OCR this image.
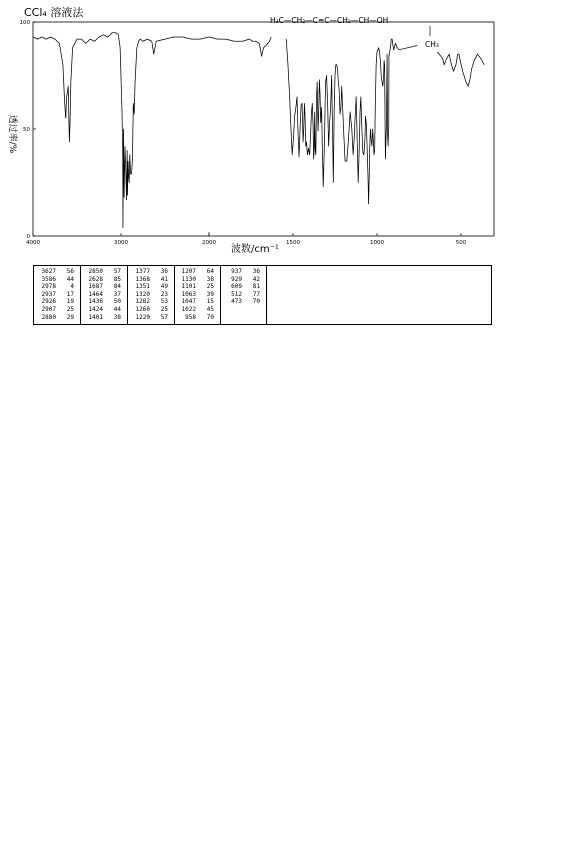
CCl₄ 溶液法
0
50
100
4000	3000	2000	1500	1000	500
波数/cm⁻¹
透过率/%
3627	56
3586	44
2978	4
2937	17
2926	19
2907	25
2880	29
2850	57
2628	85
1687	84
1464	37
1436	50
1424	44
1401	38
1377	36
1368	41
1351	49
1320	23
1282	53
1260	25
1220	57
1207	64
1130	38
1101	25
1063	39
1047	15
1022	45
958	70
937	36
929	42
609	81
512	77
473	70
H₃C—CH₂—C≡C—CH₂—CH—OH
CH₃
